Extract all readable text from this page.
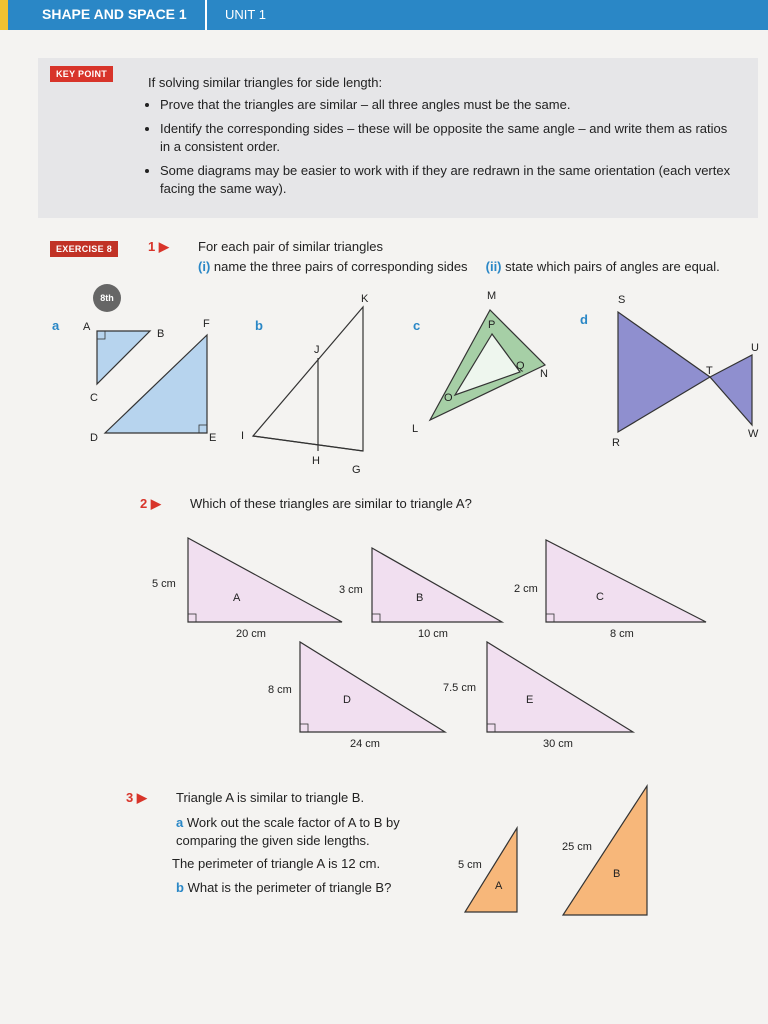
SHAPE AND SPACE 1	UNIT 1
KEY POINT
If solving similar triangles for side length:
• Prove that the triangles are similar – all three angles must be the same.
• Identify the corresponding sides – these will be opposite the same angle – and write them as ratios in a consistent order.
• Some diagrams may be easier to work with if they are redrawn in the same orientation (each vertex facing the same way).
EXERCISE 8	1 ▶ For each pair of similar triangles
(i) name the three pairs of corresponding sides (ii) state which pairs of angles are equal.
8th
a	b	c	d
A
B
C
D	E
F
K
J
I
H
G
M
P
Q
N
O
L
S
T
U
R
W
2 ▶ Which of these triangles are similar to triangle A?
5 cm
A
20 cm
3 cm
B
10 cm
2 cm
C
8 cm
8 cm
D
24 cm
7.5 cm
E
30 cm
3 ▶ Triangle A is similar to triangle B.
a Work out the scale factor of A to B by comparing the given side lengths.
The perimeter of triangle A is 12 cm.
b What is the perimeter of triangle B?
5 cm
A
25 cm
B
